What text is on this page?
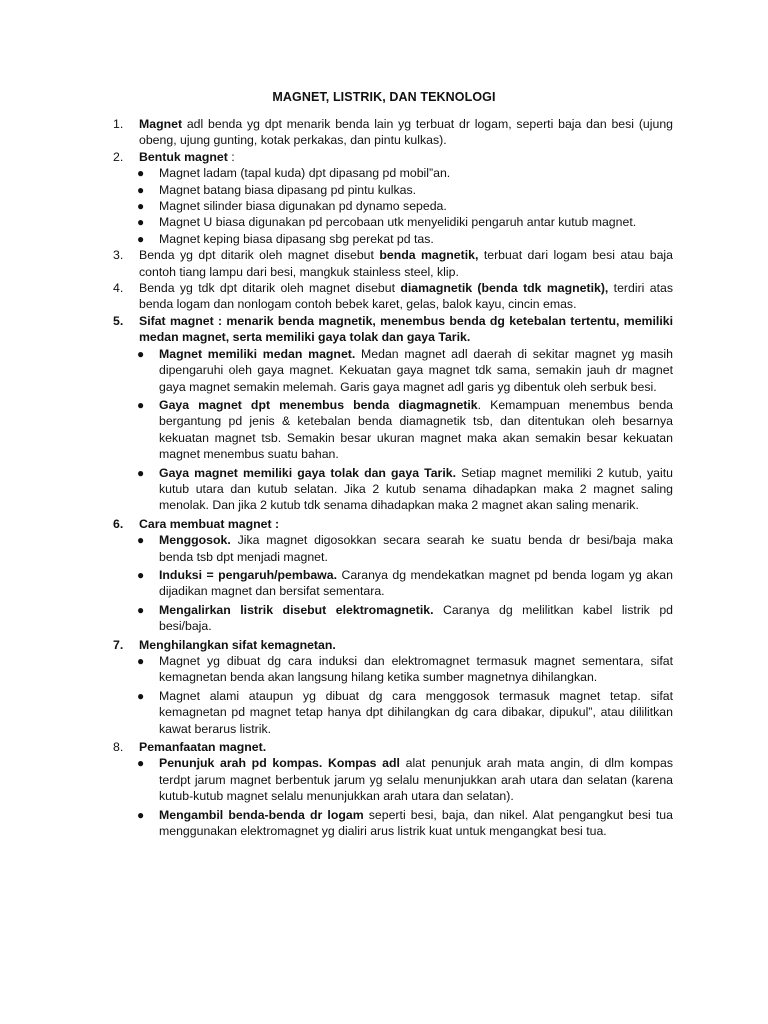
MAGNET, LISTRIK, DAN TEKNOLOGI
1. Magnet adl benda yg dpt menarik benda lain yg terbuat dr logam, seperti baja dan besi (ujung obeng, ujung gunting, kotak perkakas, dan pintu kulkas).
2. Bentuk magnet :
● Magnet ladam (tapal kuda) dpt dipasang pd mobil”an.
● Magnet batang biasa dipasang pd pintu kulkas.
● Magnet silinder biasa digunakan pd dynamo sepeda.
● Magnet U biasa digunakan pd percobaan utk menyelidiki pengaruh antar kutub magnet.
● Magnet keping biasa dipasang sbg perekat pd tas.
3. Benda yg dpt ditarik oleh magnet disebut benda magnetik, terbuat dari logam besi atau baja contoh tiang lampu dari besi, mangkuk stainless steel, klip.
4. Benda yg tdk dpt ditarik oleh magnet disebut diamagnetik (benda tdk magnetik), terdiri atas benda logam dan nonlogam contoh bebek karet, gelas, balok kayu, cincin emas.
5. Sifat magnet : menarik benda magnetik, menembus benda dg ketebalan tertentu, memiliki medan magnet, serta memiliki gaya tolak dan gaya Tarik.
● Magnet memiliki medan magnet. Medan magnet adl daerah di sekitar magnet yg masih dipengaruhi oleh gaya magnet. Kekuatan gaya magnet tdk sama, semakin jauh dr magnet gaya magnet semakin melemah. Garis gaya magnet adl garis yg dibentuk oleh serbuk besi.
● Gaya magnet dpt menembus benda diagmagnetik. Kemampuan menembus benda bergantung pd jenis & ketebalan benda diamagnetik tsb, dan ditentukan oleh besarnya kekuatan magnet tsb. Semakin besar ukuran magnet maka akan semakin besar kekuatan magnet menembus suatu bahan.
● Gaya magnet memiliki gaya tolak dan gaya Tarik. Setiap magnet memiliki 2 kutub, yaitu kutub utara dan kutub selatan. Jika 2 kutub senama dihadapkan maka 2 magnet saling menolak. Dan jika 2 kutub tdk senama dihadapkan maka 2 magnet akan saling menarik.
6. Cara membuat magnet :
● Menggosok. Jika magnet digosokkan secara searah ke suatu benda dr besi/baja maka benda tsb dpt menjadi magnet.
● Induksi = pengaruh/pembawa. Caranya dg mendekatkan magnet pd benda logam yg akan dijadikan magnet dan bersifat sementara.
● Mengalirkan listrik disebut elektromagnetik. Caranya dg melilitkan kabel listrik pd besi/baja.
7. Menghilangkan sifat kemagnetan.
● Magnet yg dibuat dg cara induksi dan elektromagnet termasuk magnet sementara, sifat kemagnetan benda akan langsung hilang ketika sumber magnetnya dihilangkan.
● Magnet alami ataupun yg dibuat dg cara menggosok termasuk magnet tetap. sifat kemagnetan pd magnet tetap hanya dpt dihilangkan dg cara dibakar, dipukul”, atau dililitkan kawat berarus listrik.
8. Pemanfaatan magnet.
● Penunjuk arah pd kompas. Kompas adl alat penunjuk arah mata angin, di dlm kompas terdpt jarum magnet berbentuk jarum yg selalu menunjukkan arah utara dan selatan (karena kutub-kutub magnet selalu menunjukkan arah utara dan selatan).
● Mengambil benda-benda dr logam seperti besi, baja, dan nikel. Alat pengangkut besi tua menggunakan elektromagnet yg dialiri arus listrik kuat untuk mengangkat besi tua.
